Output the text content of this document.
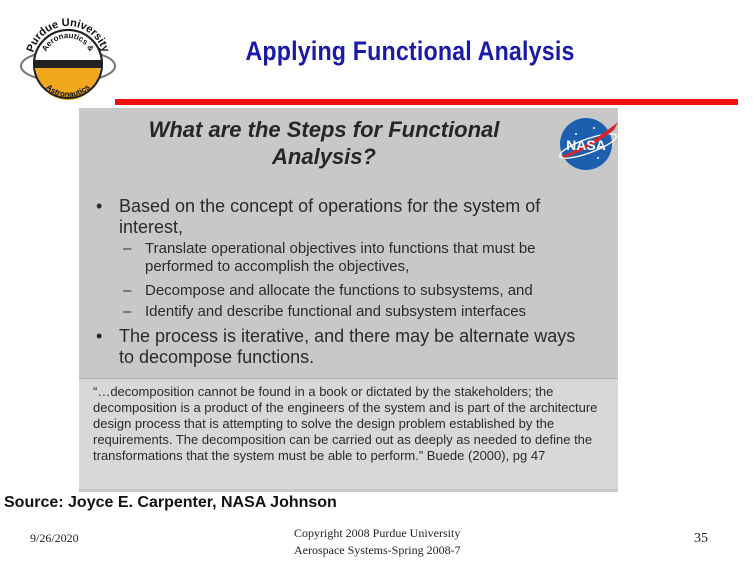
Purdue University
Aeronautics &
Astronautics
Applying Functional Analysis
What are the Steps for Functional
Analysis?	NASA
• Based on the concept of operations for the system of interest,
– Translate operational objectives into functions that must be performed to accomplish the objectives,
– Decompose and allocate the functions to subsystems, and
– Identify and describe functional and subsystem interfaces
• The process is iterative, and there may be alternate ways to decompose functions.
“…decomposition cannot be found in a book or dictated by the stakeholders; the decomposition is a product of the engineers of the system and is part of the architecture design process that is attempting to solve the design problem established by the requirements. The decomposition can be carried out as deeply as needed to define the transformations that the system must be able to perform.” Buede (2000), pg 47
Source: Joyce E. Carpenter, NASA Johnson
9/26/2020	Copyright 2008 Purdue University
Aerospace Systems-Spring 2008-7
35
